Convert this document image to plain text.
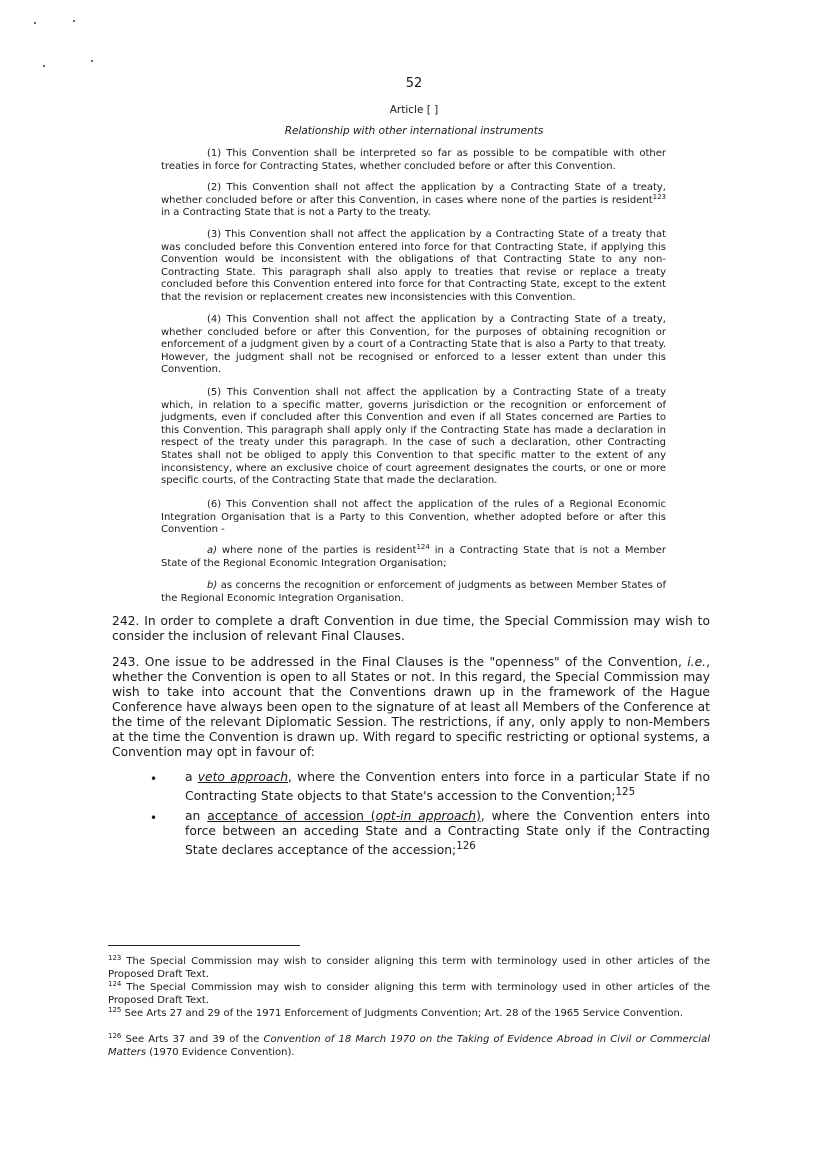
52
Article [ ]
Relationship with other international instruments
(1) This Convention shall be interpreted so far as possible to be compatible with other treaties in force for Contracting States, whether concluded before or after this Convention.
(2) This Convention shall not affect the application by a Contracting State of a treaty, whether concluded before or after this Convention, in cases where none of the parties is resident$^{123}$ in a Contracting State that is not a Party to the treaty.
(3) This Convention shall not affect the application by a Contracting State of a treaty that was concluded before this Convention entered into force for that Contracting State, if applying this Convention would be inconsistent with the obligations of that Contracting State to any non-Contracting State. This paragraph shall also apply to treaties that revise or replace a treaty concluded before this Convention entered into force for that Contracting State, except to the extent that the revision or replacement creates new inconsistencies with this Convention.
(4) This Convention shall not affect the application by a Contracting State of a treaty, whether concluded before or after this Convention, for the purposes of obtaining recognition or enforcement of a judgment given by a court of a Contracting State that is also a Party to that treaty. However, the judgment shall not be recognised or enforced to a lesser extent than under this Convention.
(5) This Convention shall not affect the application by a Contracting State of a treaty which, in relation to a specific matter, governs jurisdiction or the recognition or enforcement of judgments, even if concluded after this Convention and even if all States concerned are Parties to this Convention. This paragraph shall apply only if the Contracting State has made a declaration in respect of the treaty under this paragraph. In the case of such a declaration, other Contracting States shall not be obliged to apply this Convention to that specific matter to the extent of any inconsistency, where an exclusive choice of court agreement designates the courts, or one or more specific courts, of the Contracting State that made the declaration.
(6) This Convention shall not affect the application of the rules of a Regional Economic Integration Organisation that is a Party to this Convention, whether adopted before or after this Convention -
a) where none of the parties is resident$^{124}$ in a Contracting State that is not a Member State of the Regional Economic Integration Organisation;
b) as concerns the recognition or enforcement of judgments as between Member States of the Regional Economic Integration Organisation.
242. In order to complete a draft Convention in due time, the Special Commission may wish to consider the inclusion of relevant Final Clauses.
243. One issue to be addressed in the Final Clauses is the "openness" of the Convention, i.e., whether the Convention is open to all States or not. In this regard, the Special Commission may wish to take into account that the Conventions drawn up in the framework of the Hague Conference have always been open to the signature of at least all Members of the Conference at the time of the relevant Diplomatic Session. The restrictions, if any, only apply to non-Members at the time the Convention is drawn up. With regard to specific restricting or optional systems, a Convention may opt in favour of:
• a veto approach, where the Convention enters into force in a particular State if no Contracting State objects to that State's accession to the Convention;$^{125}$
• an acceptance of accession (opt-in approach), where the Convention enters into force between an acceding State and a Contracting State only if the Contracting State declares acceptance of the accession;$^{126}$
$^{123}$ The Special Commission may wish to consider aligning this term with terminology used in other articles of the Proposed Draft Text.
$^{124}$ The Special Commission may wish to consider aligning this term with terminology used in other articles of the Proposed Draft Text.
$^{125}$ See Arts 27 and 29 of the 1971 Enforcement of Judgments Convention; Art. 28 of the 1965 Service Convention.
$^{126}$ See Arts 37 and 39 of the Convention of 18 March 1970 on the Taking of Evidence Abroad in Civil or Commercial Matters (1970 Evidence Convention).
